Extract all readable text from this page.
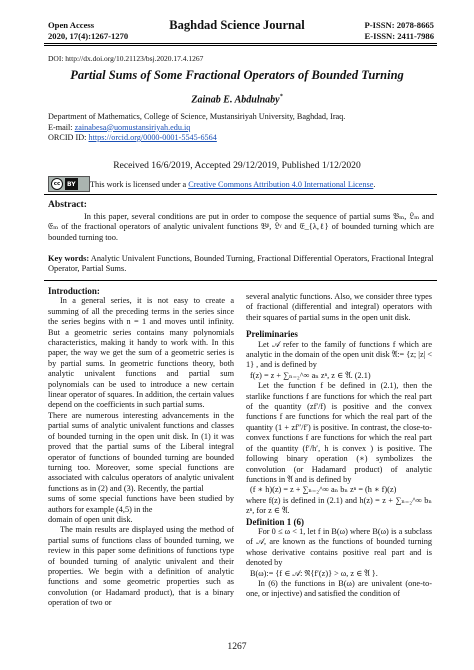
Open Access
2020, 17(4):1267-1270
Baghdad Science Journal	P-ISSN: 2078-8665
E-ISSN: 2411-7986
DOI: http://dx.doi.org/10.21123/bsj.2020.17.4.1267
Partial Sums of Some Fractional Operators of Bounded Turning
Zainab E. Abdulnaby*
Department of Mathematics, College of Science, Mustansiriyah University, Baghdad, Iraq.
E-mail: zainabesa@uomustansiriyah.edu.iq
ORCID ID: https://orcid.org/0000-0001-5545-6564
Received 16/6/2019, Accepted 29/12/2019, Published 1/12/2020
cc	BY This work is licensed under a Creative Commons Attribution 4.0 International License.
Abstract:
In this paper, several conditions are put in order to compose the sequence of partial sums 𝔅ₘ, 𝔏ₘ and 𝔈ₘ of the fractional operators of analytic univalent functions 𝔅ᵝ, 𝔏ᵞ and 𝔈_{λ,ℓ} of bounded turning which are bounded turning too.
Key words: Analytic Univalent Functions, Bounded Turning, Fractional Differential Operators, Fractional Integral Operator, Partial Sums.

Introduction:

In a general series, it is not easy to create a summing of all the preceding terms in the series since the series begins with n = 1 and moves until infinity. But a geometric series contains many polynomials characteristics, making it handy to work with. In this paper, the way we get the sum of a geometric series is by partial sums. In geometric functions theory, both analytic univalent functions and partial sum polynomials can be used to introduce a new certain linear operator of squares. In addition, the certain values depend on the coefficients in such partial sums.

There are numerous interesting advancements in the partial sums of analytic univalent functions and classes of bounded turning in the open unit disk. In (1) it was proved that the partial sums of the Liberal integral operator of functions of bounded turning are bounded turning too. Moreover, some special functions are associated with calculus operators of analytic univalent functions as in (2) and (3). Recently, the partial

sums of some special functions have been studied by authors for example (4,5) in the

domain of open unit disk.

The main results are displayed using the method of partial sums of functions class of bounded turning, we review in this paper some definitions of functions type of bounded turning of analytic univalent and their properties. We begin with a definition of analytic functions and some geometric properties such as convolution (or Hadamard product), that is a binary operation of two or

several analytic functions. Also, we consider three types of fractional (differential and integral) operators with their squares of partial sums in the open unit disk.

Preliminaries

Let 𝒜 refer to the family of functions f which are analytic in the domain of the open unit disk 𝔄:= {z; |z| < 1} , and is defined by

f(z) = z + ∑ₙ₌₂^∞ aₙ zⁿ, z ∈ 𝔄. (2.1)

Let the function f be defined in (2.1), then the starlike functions f are functions for which the real part of the quantity (zf′/f) is positive and the convex functions f are functions for which the real part of the quantity (1 + zf″/f′) is positive. In contrast, the close-to-convex functions f are functions for which the real part of the quantity (f′/h′, h is convex ) is positive. The following binary operation (∗) symbolizes the convolution (or Hadamard product) of analytic functions in 𝔄 and is defined by

(f ∗ h)(z) = z + ∑ₙ₌₂^∞ aₙ bₙ zⁿ = (h ∗ f)(z)

where f(z) is defined in (2.1) and h(z) = z + ∑ₙ₌₂^∞ bₙ zⁿ, for z ∈ 𝔄.

Definition 1 (6)

For 0 ≤ ω < 1, let f in B(ω) where B(ω) is a subclass of 𝒜, are known as the functions of bounded turning whose derivative contains positive real part and is denoted by

B(ω):= {f ∈ 𝒜: ℜ{f′(z)} > ω, z ∈ 𝔄 }.

In (6) the functions in B(ω) are univalent (one-to-one, or injective) and satisfied the condition of

1267
